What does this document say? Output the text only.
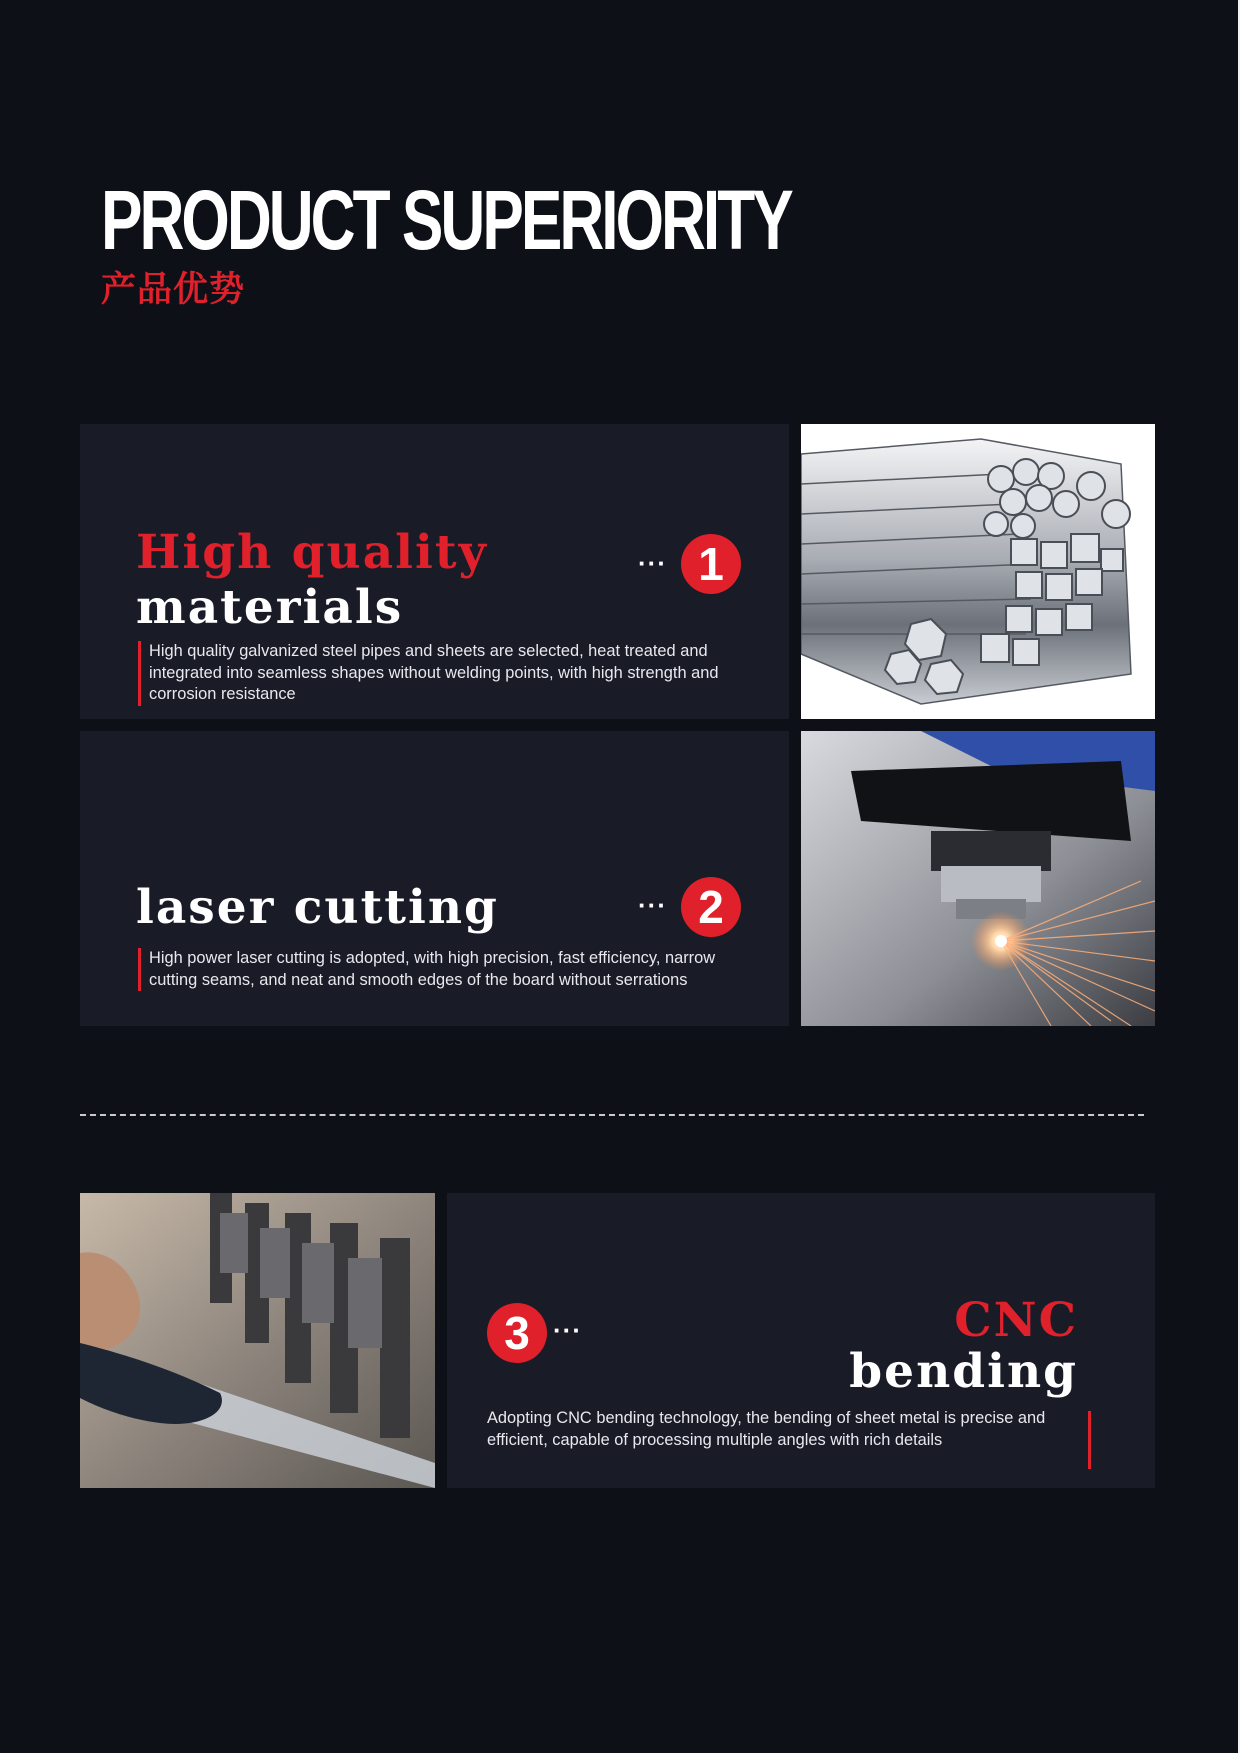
PRODUCT SUPERIORITY
产品优势
High quality
materials
··· 1
High quality galvanized steel pipes and sheets are selected, heat treated and integrated into seamless shapes without welding points, with high strength and corrosion resistance
laser cutting	··· 2
High power laser cutting is adopted, with high precision, fast efficiency, narrow cutting seams, and neat and smooth edges of the board without serrations
3 ···	CNC
bending
Adopting CNC bending technology, the bending of sheet metal is precise and efficient, capable of processing multiple angles with rich details
